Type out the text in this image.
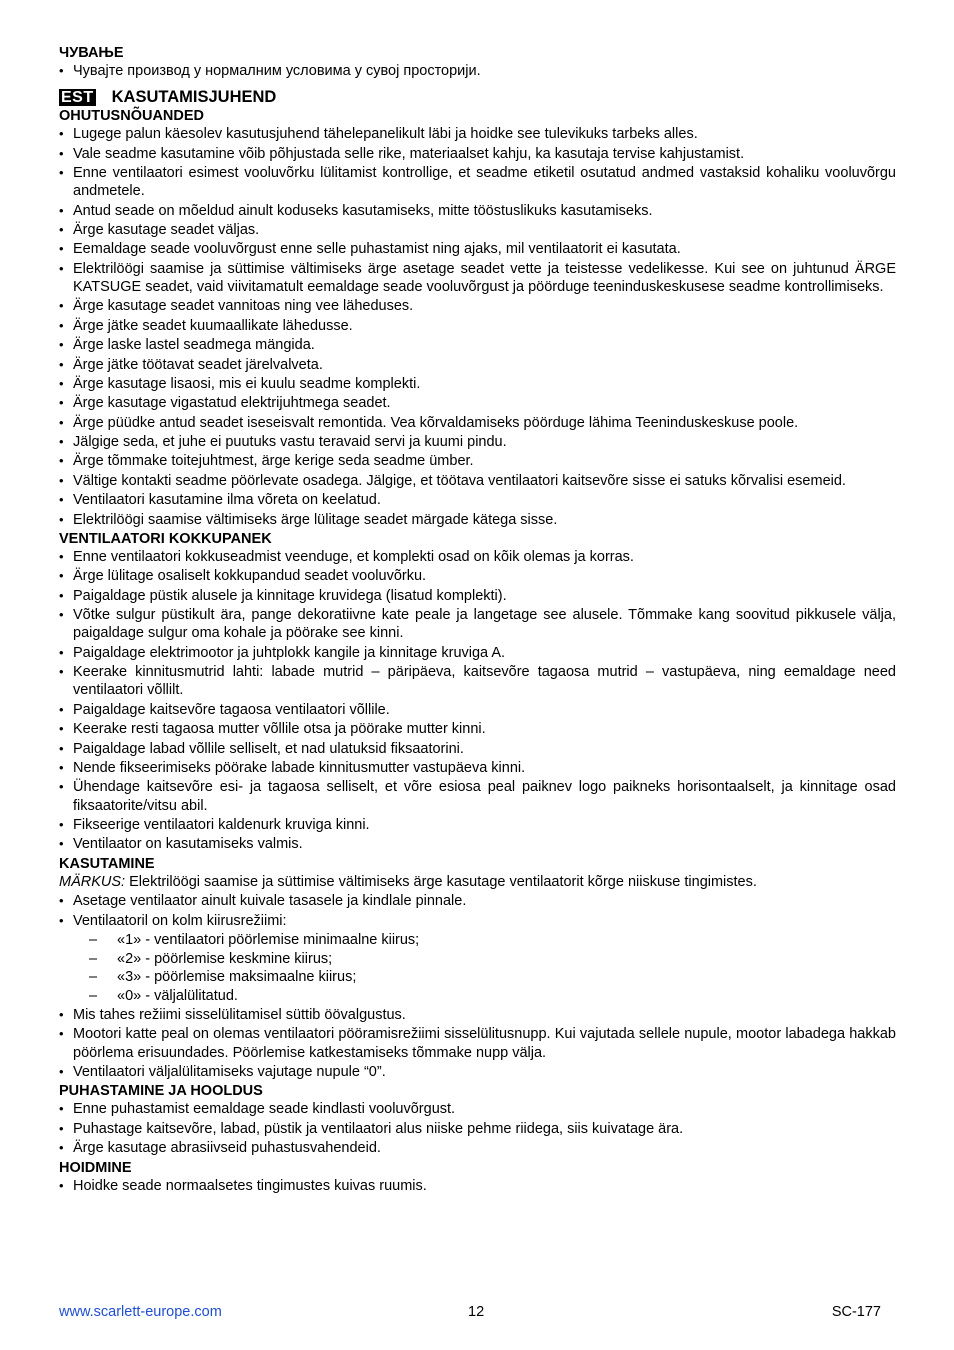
ЧУВАЊЕ

• Чувајте производ у нормалним условима у сувој просторији.
EST KASUTAMISJUHEND

OHUTUSNÕUANDED

• Lugege palun käesolev kasutusjuhend tähelepanelikult läbi ja hoidke see tulevikuks tarbeks alles.
• Vale seadme kasutamine võib põhjustada selle rike, materiaalset kahju, ka kasutaja tervise kahjustamist.
• Enne ventilaatori esimest vooluvõrku lülitamist kontrollige, et seadme etiketil osutatud andmed vastaksid kohaliku vooluvõrgu andmetele.
• Antud seade on mõeldud ainult koduseks kasutamiseks, mitte tööstuslikuks kasutamiseks.
• Ärge kasutage seadet väljas.
• Eemaldage seade vooluvõrgust enne selle puhastamist ning ajaks, mil ventilaatorit ei kasutata.
• Elektrilöögi saamise ja süttimise vältimiseks ärge asetage seadet vette ja teistesse vedelikesse. Kui see on juhtunud ÄRGE KATSUGE seadet, vaid viivitamatult eemaldage seade vooluvõrgust ja pöörduge teeninduskeskusese seadme kontrollimiseks.
• Ärge kasutage seadet vannitoas ning vee läheduses.
• Ärge jätke seadet kuumaallikate lähedusse.
• Ärge laske lastel seadmega mängida.
• Ärge jätke töötavat seadet järelvalveta.
• Ärge kasutage lisaosi, mis ei kuulu seadme komplekti.
• Ärge kasutage vigastatud elektrijuhtmega seadet.
• Ärge püüdke antud seadet iseseisvalt remontida. Vea kõrvaldamiseks pöörduge lähima Teeninduskeskuse poole.
• Jälgige seda, et juhe ei puutuks vastu teravaid servi ja kuumi pindu.
• Ärge tõmmake toitejuhtmest, ärge kerige seda seadme ümber.
• Vältige kontakti seadme pöörlevate osadega. Jälgige, et töötava ventilaatori kaitsevõre sisse ei satuks kõrvalisi esemeid.
• Ventilaatori kasutamine ilma võreta on keelatud.
• Elektrilöögi saamise vältimiseks ärge lülitage seadet märgade kätega sisse.

VENTILAATORI KOKKUPANEK

• Enne ventilaatori kokkuseadmist veenduge, et komplekti osad on kõik olemas ja korras.
• Ärge lülitage osaliselt kokkupandud seadet vooluvõrku.
• Paigaldage püstik alusele ja kinnitage kruvidega (lisatud komplekti).
• Võtke sulgur püstikult ära, pange dekoratiivne kate peale ja langetage see alusele. Tõmmake kang soovitud pikkusele välja, paigaldage sulgur oma kohale ja pöörake see kinni.
• Paigaldage elektrimootor ja juhtplokk kangile ja kinnitage kruviga A.
• Keerake kinnitusmutrid lahti: labade mutrid – päripäeva, kaitsevõre tagaosa mutrid – vastupäeva, ning eemaldage need ventilaatori võllilt.
• Paigaldage kaitsevõre tagaosa ventilaatori võllile.
• Keerake resti tagaosa mutter võllile otsa ja pöörake mutter kinni.
• Paigaldage labad võllile selliselt, et nad ulatuksid fiksaatorini.
• Nende fikseerimiseks pöörake labade kinnitusmutter vastupäeva kinni.
• Ühendage kaitsevõre esi- ja tagaosa selliselt, et võre esiosa peal paiknev logo paikneks horisontaalselt, ja kinnitage osad fiksaatorite/vitsu abil.
• Fikseerige ventilaatori kaldenurk kruviga kinni.
• Ventilaator on kasutamiseks valmis.

KASUTAMINE

MÄRKUS: Elektrilöögi saamise ja süttimise vältimiseks ärge kasutage ventilaatorit kõrge niiskuse tingimistes.

• Asetage ventilaator ainult kuivale tasasele ja kindlale pinnale.
• Ventilaatoril on kolm kiirusrežiimi:
– «1» - ventilaatori pöörlemise minimaalne kiirus;
– «2» - pöörlemise keskmine kiirus;
– «3» - pöörlemise maksimaalne kiirus;
– «0» - väljalülitatud.
• Mis tahes režiimi sisselülitamisel süttib öövalgustus.
• Mootori katte peal on olemas ventilaatori pööramisrežiimi sisselülitusnupp. Kui vajutada sellele nupule, mootor labadega hakkab pöörlema erisuundades. Pöörlemise katkestamiseks tõmmake nupp välja.
• Ventilaatori väljalülitamiseks vajutage nupule “0”.

PUHASTAMINE JA HOOLDUS

• Enne puhastamist eemaldage seade kindlasti vooluvõrgust.
• Puhastage kaitsevõre, labad, püstik ja ventilaatori alus niiske pehme riidega, siis kuivatage ära.
• Ärge kasutage abrasiivseid puhastusvahendeid.

HOIDMINE

• Hoidke seade normaalsetes tingimustes kuivas ruumis.
www.scarlett-europe.com	12	SC-177
